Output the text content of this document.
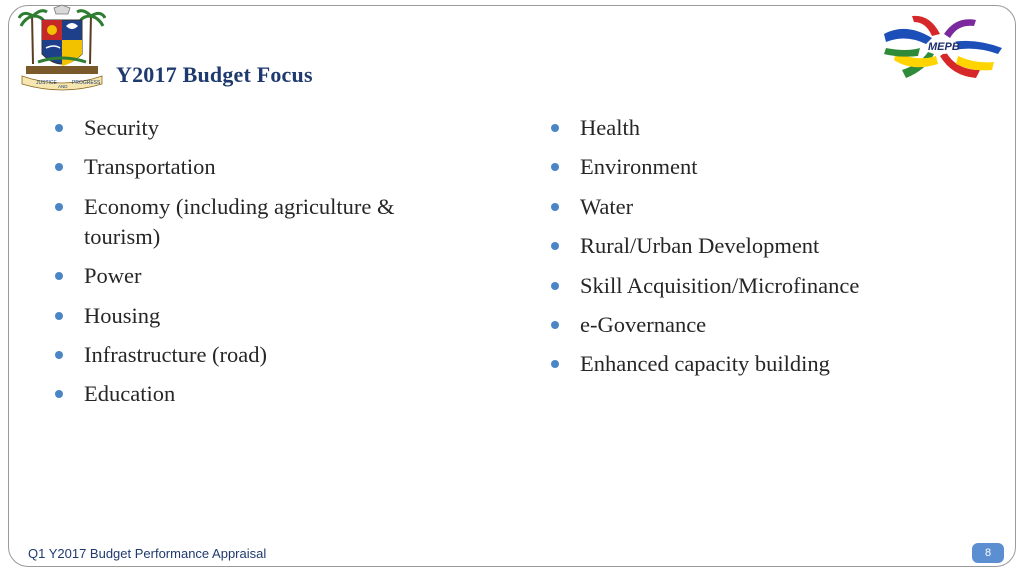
JUSTICE
AND
PROGRESS
MEPB
Y2017 Budget Focus
Security
Transportation
Economy (including agriculture & tourism)
Power
Housing
Infrastructure (road)
Education
Health
Environment
Water
Rural/Urban Development
Skill Acquisition/Microfinance
e-Governance
Enhanced capacity building
Q1 Y2017 Budget Performance Appraisal	8
